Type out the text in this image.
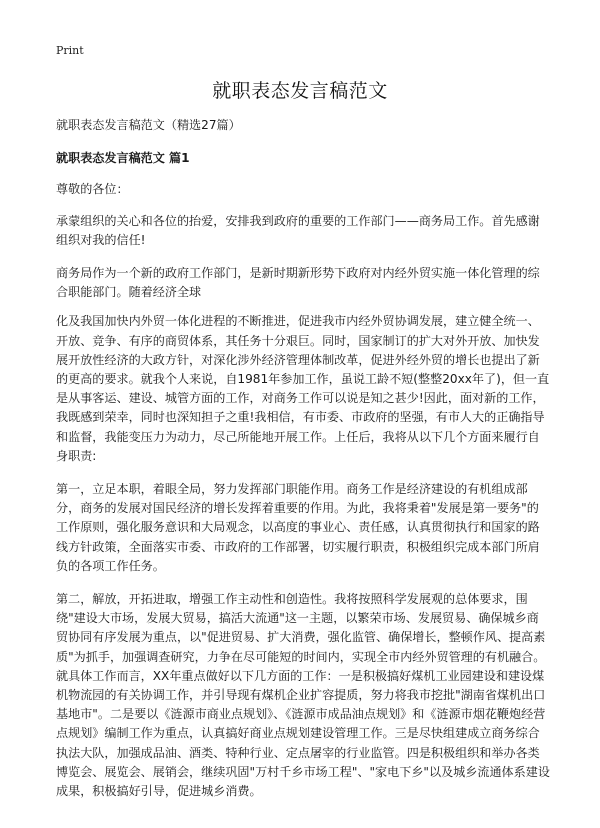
Print
就职表态发言稿范文

就职表态发言稿范文（精选27篇）

就职表态发言稿范文 篇1

尊敬的各位：

承蒙组织的关心和各位的抬爱，安排我到政府的重要的工作部门——商务局工作。首先感谢组织对我的信任!

商务局作为一个新的政府工作部门，是新时期新形势下政府对内经外贸实施一体化管理的综合职能部门。随着经济全球

化及我国加快内外贸一体化进程的不断推进，促进我市内经外贸协调发展，建立健全统一、开放、竞争、有序的商贸体系，其任务十分艰巨。同时，国家制订的扩大对外开放、加快发展开放性经济的大政方针，对深化涉外经济管理体制改革，促进外经外贸的增长也提出了新的更高的要求。就我个人来说，自1981年参加工作，虽说工龄不短(整整20xx年了)，但一直是从事客运、建设、城管方面的工作，对商务工作可以说是知之甚少!因此，面对新的工作，我既感到荣幸，同时也深知担子之重!我相信，有市委、市政府的坚强，有市人大的正确指导和监督，我能变压力为动力，尽己所能地开展工作。上任后，我将从以下几个方面来履行自身职责:

第一，立足本职，着眼全局，努力发挥部门职能作用。商务工作是经济建设的有机组成部分，商务的发展对国民经济的增长发挥着重要的作用。为此，我将秉着"发展是第一要务"的工作原则，强化服务意识和大局观念，以高度的事业心、责任感，认真贯彻执行和国家的路线方针政策，全面落实市委、市政府的工作部署，切实履行职责，积极组织完成本部门所肩负的各项工作任务。

第二，解放，开拓进取，增强工作主动性和创造性。我将按照科学发展观的总体要求，围绕"建设大市场，发展大贸易，搞活大流通"这一主题，以繁荣市场、发展贸易、确保城乡商贸协同有序发展为重点，以"促进贸易、扩大消费，强化监管、确保增长，整顿作风、提高素质"为抓手，加强调查研究，力争在尽可能短的时间内，实现全市内经外贸管理的有机融合。就具体工作而言，XX年重点做好以下几方面的工作：一是积极搞好煤机工业园建设和建设煤机物流园的有关协调工作，并引导现有煤机企业扩容提质，努力将我市挖批"湖南省煤机出口基地市"。二是要以《涟源市商业点规划》、《涟源市成品油点规划》和《涟源市烟花鞭炮经营点规划》编制工作为重点，认真搞好商业点规划建设管理工作。三是尽快组建成立商务综合执法大队，加强成品油、酒类、特种行业、定点屠宰的行业监管。四是积极组织和举办各类博览会、展览会、展销会，继续巩固"万村千乡市场工程"、"家电下乡"以及城乡流通体系建设成果，积极搞好引导，促进城乡消费。
